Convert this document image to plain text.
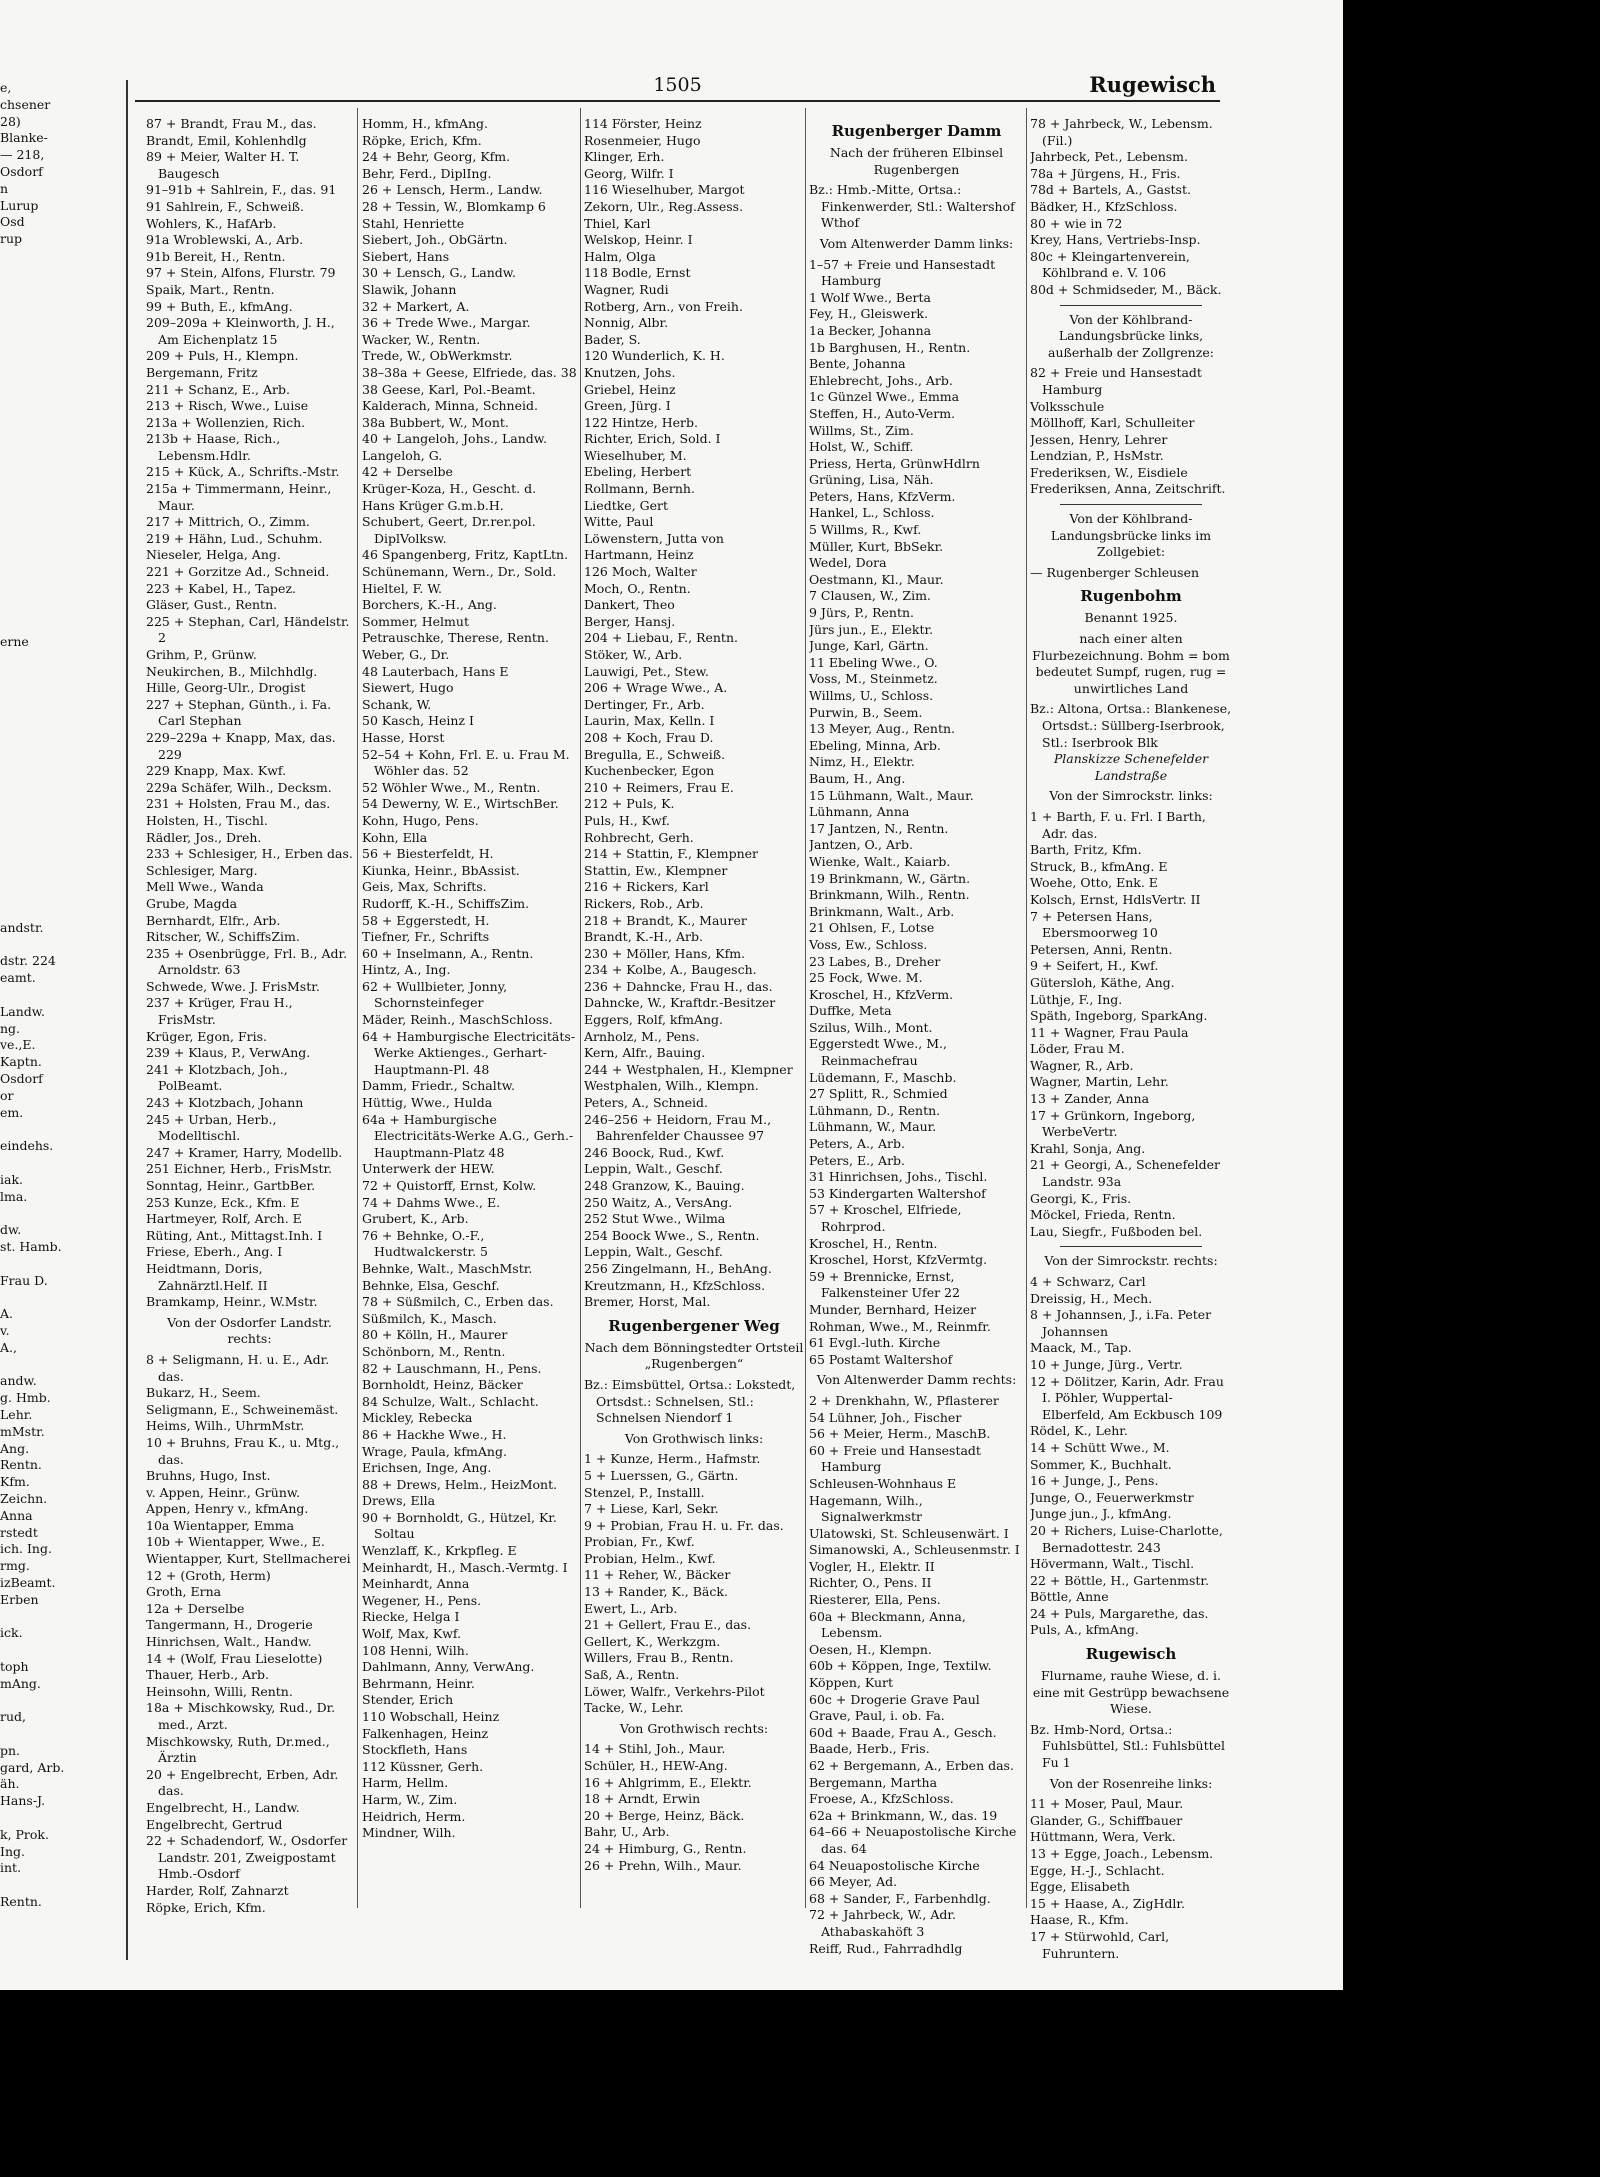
e,
chsener
28)
Blanke-
— 218,
Osdorf
n
Lurup
Osd
rup

erne

andstr.

dstr. 224
eamt.

Landw.
ng.
ve.,E.
Kaptn.
Osdorf
or
em.

eindehs.

iak.
lma.

dw.
st. Hamb.

Frau D.

A.
v.
A.,

andw.
g. Hmb.
Lehr.
mMstr.
Ang.
Rentn.
Kfm.
Zeichn.
Anna
rstedt
ich. Ing.
rmg.
izBeamt.
Erben

ick.

toph
mAng.

rud,

pn.
gard, Arb.
äh.
Hans-J.

k, Prok.
Ing.
int.

Rentn.
1505	Rugewisch
87 + Brandt, Frau M., das.
Brandt, Emil, Kohlenhdlg
89 + Meier, Walter H. T. Baugesch
91–91b + Sahlrein, F., das. 91
91 Sahlrein, F., Schweiß.
Wohlers, K., HafArb.
91a Wroblewski, A., Arb.
91b Bereit, H., Rentn.
97 + Stein, Alfons, Flurstr. 79
Spaik, Mart., Rentn.
99 + Buth, E., kfmAng.
209–209a + Kleinworth, J. H., Am Eichenplatz 15
209 + Puls, H., Klempn.
Bergemann, Fritz
211 + Schanz, E., Arb.
213 + Risch, Wwe., Luise
213a + Wollenzien, Rich.
213b + Haase, Rich., Lebensm.Hdlr.
215 + Kück, A., Schrifts.-Mstr.
215a + Timmermann, Heinr., Maur.
217 + Mittrich, O., Zimm.
219 + Hähn, Lud., Schuhm.
Nieseler, Helga, Ang.
221 + Gorzitze Ad., Schneid.
223 + Kabel, H., Tapez.
Gläser, Gust., Rentn.
225 + Stephan, Carl, Händelstr. 2
Grihm, P., Grünw.
Neukirchen, B., Milchhdlg.
Hille, Georg-Ulr., Drogist
227 + Stephan, Günth., i. Fa. Carl Stephan
229–229a + Knapp, Max, das. 229
229 Knapp, Max. Kwf.
229a Schäfer, Wilh., Decksm.
231 + Holsten, Frau M., das.
Holsten, H., Tischl.
Rädler, Jos., Dreh.
233 + Schlesiger, H., Erben das.
Schlesiger, Marg.
Mell Wwe., Wanda
Grube, Magda
Bernhardt, Elfr., Arb.
Ritscher, W., SchiffsZim.
235 + Osenbrügge, Frl. B., Adr. Arnoldstr. 63
Schwede, Wwe. J. FrisMstr.
237 + Krüger, Frau H., FrisMstr.
Krüger, Egon, Fris.
239 + Klaus, P., VerwAng.
241 + Klotzbach, Joh., PolBeamt.
243 + Klotzbach, Johann
245 + Urban, Herb., Modelltischl.
247 + Kramer, Harry, Modellb.
251 Eichner, Herb., FrisMstr.
Sonntag, Heinr., GartbBer.
253 Kunze, Eck., Kfm. E
Hartmeyer, Rolf, Arch. E
Rüting, Ant., Mittagst.Inh. I
Friese, Eberh., Ang. I
Heidtmann, Doris, Zahnärztl.Helf. II
Bramkamp, Heinr., W.Mstr.
Von der Osdorfer Landstr. rechts:
8 + Seligmann, H. u. E., Adr. das.
Bukarz, H., Seem.
Seligmann, E., Schweinemäst.
Heims, Wilh., UhrmMstr.
10 + Bruhns, Frau K., u. Mtg., das.
Bruhns, Hugo, Inst.
v. Appen, Heinr., Grünw.
Appen, Henry v., kfmAng.
10a Wientapper, Emma
10b + Wientapper, Wwe., E.
Wientapper, Kurt, Stellmacherei
12 + (Groth, Herm)
Groth, Erna
12a + Derselbe
Tangermann, H., Drogerie
Hinrichsen, Walt., Handw.
14 + (Wolf, Frau Lieselotte)
Thauer, Herb., Arb.
Heinsohn, Willi, Rentn.
18a + Mischkowsky, Rud., Dr. med., Arzt.
Mischkowsky, Ruth, Dr.med., Ärztin
20 + Engelbrecht, Erben, Adr. das.
Engelbrecht, H., Landw.
Engelbrecht, Gertrud
22 + Schadendorf, W., Osdorfer Landstr. 201, Zweigpostamt Hmb.-Osdorf
Harder, Rolf, Zahnarzt
Röpke, Erich, Kfm.
Homm, H., kfmAng.
Röpke, Erich, Kfm.
24 + Behr, Georg, Kfm.
Behr, Ferd., DiplIng.
26 + Lensch, Herm., Landw.
28 + Tessin, W., Blomkamp 6
Stahl, Henriette
Siebert, Joh., ObGärtn.
Siebert, Hans
30 + Lensch, G., Landw.
Slawik, Johann
32 + Markert, A.
36 + Trede Wwe., Margar.
Wacker, W., Rentn.
Trede, W., ObWerkmstr.
38–38a + Geese, Elfriede, das. 38
38 Geese, Karl, Pol.-Beamt.
Kalderach, Minna, Schneid.
38a Bubbert, W., Mont.
40 + Langeloh, Johs., Landw.
Langeloh, G.
42 + Derselbe
Krüger-Koza, H., Gescht. d.
Hans Krüger G.m.b.H.
Schubert, Geert, Dr.rer.pol. DiplVolksw.
46 Spangenberg, Fritz, KaptLtn.
Schünemann, Wern., Dr., Sold.
Hieltel, F. W.
Borchers, K.-H., Ang.
Sommer, Helmut
Petrauschke, Therese, Rentn.
Weber, G., Dr.
48 Lauterbach, Hans E
Siewert, Hugo
Schank, W.
50 Kasch, Heinz I
Hasse, Horst
52–54 + Kohn, Frl. E. u. Frau M. Wöhler das. 52
52 Wöhler Wwe., M., Rentn.
54 Dewerny, W. E., WirtschBer.
Kohn, Hugo, Pens.
Kohn, Ella
56 + Biesterfeldt, H.
Kiunka, Heinr., BbAssist.
Geis, Max, Schrifts.
Rudorff, K.-H., SchiffsZim.
58 + Eggerstedt, H.
Tiefner, Fr., Schrifts
60 + Inselmann, A., Rentn.
Hintz, A., Ing.
62 + Wullbieter, Jonny, Schornsteinfeger
Mäder, Reinh., MaschSchloss.
64 + Hamburgische Electricitäts-Werke Aktienges., Gerhart-Hauptmann-Pl. 48
Damm, Friedr., Schaltw.
Hüttig, Wwe., Hulda
64a + Hamburgische Electricitäts-Werke A.G., Gerh.-Hauptmann-Platz 48
Unterwerk der HEW.
72 + Quistorff, Ernst, Kolw.
74 + Dahms Wwe., E.
Grubert, K., Arb.
76 + Behnke, O.-F., Hudtwalckerstr. 5
Behnke, Walt., MaschMstr.
Behnke, Elsa, Geschf.
78 + Süßmilch, C., Erben das.
Süßmilch, K., Masch.
80 + Kölln, H., Maurer
Schönborn, M., Rentn.
82 + Lauschmann, H., Pens.
Bornholdt, Heinz, Bäcker
84 Schulze, Walt., Schlacht.
Mickley, Rebecka
86 + Hackhe Wwe., H.
Wrage, Paula, kfmAng.
Erichsen, Inge, Ang.
88 + Drews, Helm., HeizMont.
Drews, Ella
90 + Bornholdt, G., Hützel, Kr. Soltau
Wenzlaff, K., Krkpfleg. E
Meinhardt, H., Masch.-Vermtg. I
Meinhardt, Anna
Wegener, H., Pens.
Riecke, Helga I
Wolf, Max, Kwf.
108 Henni, Wilh.
Dahlmann, Anny, VerwAng.
Behrmann, Heinr.
Stender, Erich
110 Wobschall, Heinz
Falkenhagen, Heinz
Stockfleth, Hans
112 Küssner, Gerh.
Harm, Hellm.
Harm, W., Zim.
Heidrich, Herm.
Mindner, Wilh.
114 Förster, Heinz
Rosenmeier, Hugo
Klinger, Erh.
Georg, Wilfr. I
116 Wieselhuber, Margot
Zekorn, Ulr., Reg.Assess.
Thiel, Karl
Welskop, Heinr. I
Halm, Olga
118 Bodle, Ernst
Wagner, Rudi
Rotberg, Arn., von Freih.
Nonnig, Albr.
Bader, S.
120 Wunderlich, K. H.
Knutzen, Johs.
Griebel, Heinz
Green, Jürg. I
122 Hintze, Herb.
Richter, Erich, Sold. I
Wieselhuber, M.
Ebeling, Herbert
Rollmann, Bernh.
Liedtke, Gert
Witte, Paul
Löwenstern, Jutta von
Hartmann, Heinz
126 Moch, Walter
Moch, O., Rentn.
Dankert, Theo
Berger, Hansj.
204 + Liebau, F., Rentn.
Stöker, W., Arb.
Lauwigi, Pet., Stew.
206 + Wrage Wwe., A.
Dertinger, Fr., Arb.
Laurin, Max, Kelln. I
208 + Koch, Frau D.
Bregulla, E., Schweiß.
Kuchenbecker, Egon
210 + Reimers, Frau E.
212 + Puls, K.
Puls, H., Kwf.
Rohbrecht, Gerh.
214 + Stattin, F., Klempner
Stattin, Ew., Klempner
216 + Rickers, Karl
Rickers, Rob., Arb.
218 + Brandt, K., Maurer
Brandt, K.-H., Arb.
230 + Möller, Hans, Kfm.
234 + Kolbe, A., Baugesch.
236 + Dahncke, Frau H., das.
Dahncke, W., Kraftdr.-Besitzer
Eggers, Rolf, kfmAng.
Arnholz, M., Pens.
Kern, Alfr., Bauing.
244 + Westphalen, H., Klempner
Westphalen, Wilh., Klempn.
Peters, A., Schneid.
246–256 + Heidorn, Frau M., Bahrenfelder Chaussee 97
246 Boock, Rud., Kwf.
Leppin, Walt., Geschf.
248 Granzow, K., Bauing.
250 Waitz, A., VersAng.
252 Stut Wwe., Wilma
254 Boock Wwe., S., Rentn.
Leppin, Walt., Geschf.
256 Zingelmann, H., BehAng.
Kreutzmann, H., KfzSchloss.
Bremer, Horst, Mal.
Rugenbergener Weg
Nach dem Bönningstedter Ortsteil „Rugenbergen“
Bz.: Eimsbüttel, Ortsa.: Lokstedt, Ortsdst.: Schnelsen, Stl.: Schnelsen Niendorf 1
Von Grothwisch links:
1 + Kunze, Herm., Hafmstr.
5 + Luerssen, G., Gärtn.
Stenzel, P., Installl.
7 + Liese, Karl, Sekr.
9 + Probian, Frau H. u. Fr. das.
Probian, Fr., Kwf.
Probian, Helm., Kwf.
11 + Reher, W., Bäcker
13 + Rander, K., Bäck.
Ewert, L., Arb.
21 + Gellert, Frau E., das.
Gellert, K., Werkzgm.
Willers, Frau B., Rentn.
Saß, A., Rentn.
Löwer, Walfr., Verkehrs-Pilot
Tacke, W., Lehr.
Von Grothwisch rechts:
14 + Stihl, Joh., Maur.
Schüler, H., HEW-Ang.
16 + Ahlgrimm, E., Elektr.
18 + Arndt, Erwin
20 + Berge, Heinz, Bäck.
Bahr, U., Arb.
24 + Himburg, G., Rentn.
26 + Prehn, Wilh., Maur.
Rugenberger Damm
Nach der früheren Elbinsel Rugenbergen
Bz.: Hmb.-Mitte, Ortsa.: Finkenwerder, Stl.: Waltershof Wthof
Vom Altenwerder Damm links:
1–57 + Freie und Hansestadt Hamburg
1 Wolf Wwe., Berta
Fey, H., Gleiswerk.
1a Becker, Johanna
1b Barghusen, H., Rentn.
Bente, Johanna
Ehlebrecht, Johs., Arb.
1c Günzel Wwe., Emma
Steffen, H., Auto-Verm.
Willms, St., Zim.
Holst, W., Schiff.
Priess, Herta, GrünwHdlrn
Grüning, Lisa, Näh.
Peters, Hans, KfzVerm.
Hankel, L., Schloss.
5 Willms, R., Kwf.
Müller, Kurt, BbSekr.
Wedel, Dora
Oestmann, Kl., Maur.
7 Clausen, W., Zim.
9 Jürs, P., Rentn.
Jürs jun., E., Elektr.
Junge, Karl, Gärtn.
11 Ebeling Wwe., O.
Voss, M., Steinmetz.
Willms, U., Schloss.
Purwin, B., Seem.
13 Meyer, Aug., Rentn.
Ebeling, Minna, Arb.
Nimz, H., Elektr.
Baum, H., Ang.
15 Lühmann, Walt., Maur.
Lühmann, Anna
17 Jantzen, N., Rentn.
Jantzen, O., Arb.
Wienke, Walt., Kaiarb.
19 Brinkmann, W., Gärtn.
Brinkmann, Wilh., Rentn.
Brinkmann, Walt., Arb.
21 Ohlsen, F., Lotse
Voss, Ew., Schloss.
23 Labes, B., Dreher
25 Fock, Wwe. M.
Kroschel, H., KfzVerm.
Duffke, Meta
Szilus, Wilh., Mont.
Eggerstedt Wwe., M., Reinmachefrau
Lüdemann, F., Maschb.
27 Splitt, R., Schmied
Lühmann, D., Rentn.
Lühmann, W., Maur.
Peters, A., Arb.
Peters, E., Arb.
31 Hinrichsen, Johs., Tischl.
53 Kindergarten Waltershof
57 + Kroschel, Elfriede, Rohrprod.
Kroschel, H., Rentn.
Kroschel, Horst, KfzVermtg.
59 + Brennicke, Ernst, Falkensteiner Ufer 22
Munder, Bernhard, Heizer
Rohman, Wwe., M., Reinmfr.
61 Evgl.-luth. Kirche
65 Postamt Waltershof
Von Altenwerder Damm rechts:
2 + Drenkhahn, W., Pflasterer
54 Lühner, Joh., Fischer
56 + Meier, Herm., MaschB.
60 + Freie und Hansestadt Hamburg
Schleusen-Wohnhaus E
Hagemann, Wilh., Signalwerkmstr
Ulatowski, St. Schleusenwärt. I
Simanowski, A., Schleusenmstr. I
Vogler, H., Elektr. II
Richter, O., Pens. II
Riesterer, Ella, Pens.
60a + Bleckmann, Anna, Lebensm.
Oesen, H., Klempn.
60b + Köppen, Inge, Textilw.
Köppen, Kurt
60c + Drogerie Grave Paul
Grave, Paul, i. ob. Fa.
60d + Baade, Frau A., Gesch.
Baade, Herb., Fris.
62 + Bergemann, A., Erben das.
Bergemann, Martha
Froese, A., KfzSchloss.
62a + Brinkmann, W., das. 19
64–66 + Neuapostolische Kirche das. 64
64 Neuapostolische Kirche
66 Meyer, Ad.
68 + Sander, F., Farbenhdlg.
72 + Jahrbeck, W., Adr. Athabaskahöft 3
Reiff, Rud., Fahrradhdlg
78 + Jahrbeck, W., Lebensm. (Fil.)
Jahrbeck, Pet., Lebensm.
78a + Jürgens, H., Fris.
78d + Bartels, A., Gastst.
Bädker, H., KfzSchloss.
80 + wie in 72
Krey, Hans, Vertriebs-Insp.
80c + Kleingartenverein, Köhlbrand e. V. 106
80d + Schmidseder, M., Bäck.
Von der Köhlbrand-Landungsbrücke links, außerhalb der Zollgrenze:
82 + Freie und Hansestadt Hamburg
Volksschule
Möllhoff, Karl, Schulleiter
Jessen, Henry, Lehrer
Lendzian, P., HsMstr.
Frederiksen, W., Eisdiele
Frederiksen, Anna, Zeitschrift.
Von der Köhlbrand-Landungsbrücke links im Zollgebiet:
— Rugenberger Schleusen
Rugenbohm
Benannt 1925.
nach einer alten Flurbezeichnung. Bohm = bom bedeutet Sumpf, rugen, rug = unwirtliches Land
Bz.: Altona, Ortsa.: Blankenese, Ortsdst.: Süllberg-Iserbrook, Stl.: Iserbrook Blk
Planskizze Schenefelder Landstraße
Von der Simrockstr. links:
1 + Barth, F. u. Frl. I Barth, Adr. das.
Barth, Fritz, Kfm.
Struck, B., kfmAng. E
Woehe, Otto, Enk. E
Kolsch, Ernst, HdlsVertr. II
7 + Petersen Hans, Ebersmoorweg 10
Petersen, Anni, Rentn.
9 + Seifert, H., Kwf.
Gütersloh, Käthe, Ang.
Lüthje, F., Ing.
Späth, Ingeborg, SparkAng.
11 + Wagner, Frau Paula
Löder, Frau M.
Wagner, R., Arb.
Wagner, Martin, Lehr.
13 + Zander, Anna
17 + Grünkorn, Ingeborg, WerbeVertr.
Krahl, Sonja, Ang.
21 + Georgi, A., Schenefelder Landstr. 93a
Georgi, K., Fris.
Möckel, Frieda, Rentn.
Lau, Siegfr., Fußboden bel.
Von der Simrockstr. rechts:
4 + Schwarz, Carl
Dreissig, H., Mech.
8 + Johannsen, J., i.Fa. Peter Johannsen
Maack, M., Tap.
10 + Junge, Jürg., Vertr.
12 + Dölitzer, Karin, Adr. Frau I. Pöhler, Wuppertal-Elberfeld, Am Eckbusch 109
Rödel, K., Lehr.
14 + Schütt Wwe., M.
Sommer, K., Buchhalt.
16 + Junge, J., Pens.
Junge, O., Feuerwerkmstr
Junge jun., J., kfmAng.
20 + Richers, Luise-Charlotte, Bernadottestr. 243
Hövermann, Walt., Tischl.
22 + Böttle, H., Gartenmstr.
Böttle, Anne
24 + Puls, Margarethe, das.
Puls, A., kfmAng.
Rugewisch
Flurname, rauhe Wiese, d. i. eine mit Gestrüpp bewachsene Wiese.
Bz. Hmb-Nord, Ortsa.: Fuhlsbüttel, Stl.: Fuhlsbüttel Fu 1
Von der Rosenreihe links:
11 + Moser, Paul, Maur.
Glander, G., Schiffbauer
Hüttmann, Wera, Verk.
13 + Egge, Joach., Lebensm.
Egge, H.-J., Schlacht.
Egge, Elisabeth
15 + Haase, A., ZigHdlr.
Haase, R., Kfm.
17 + Stürwohld, Carl, Fuhruntern.
